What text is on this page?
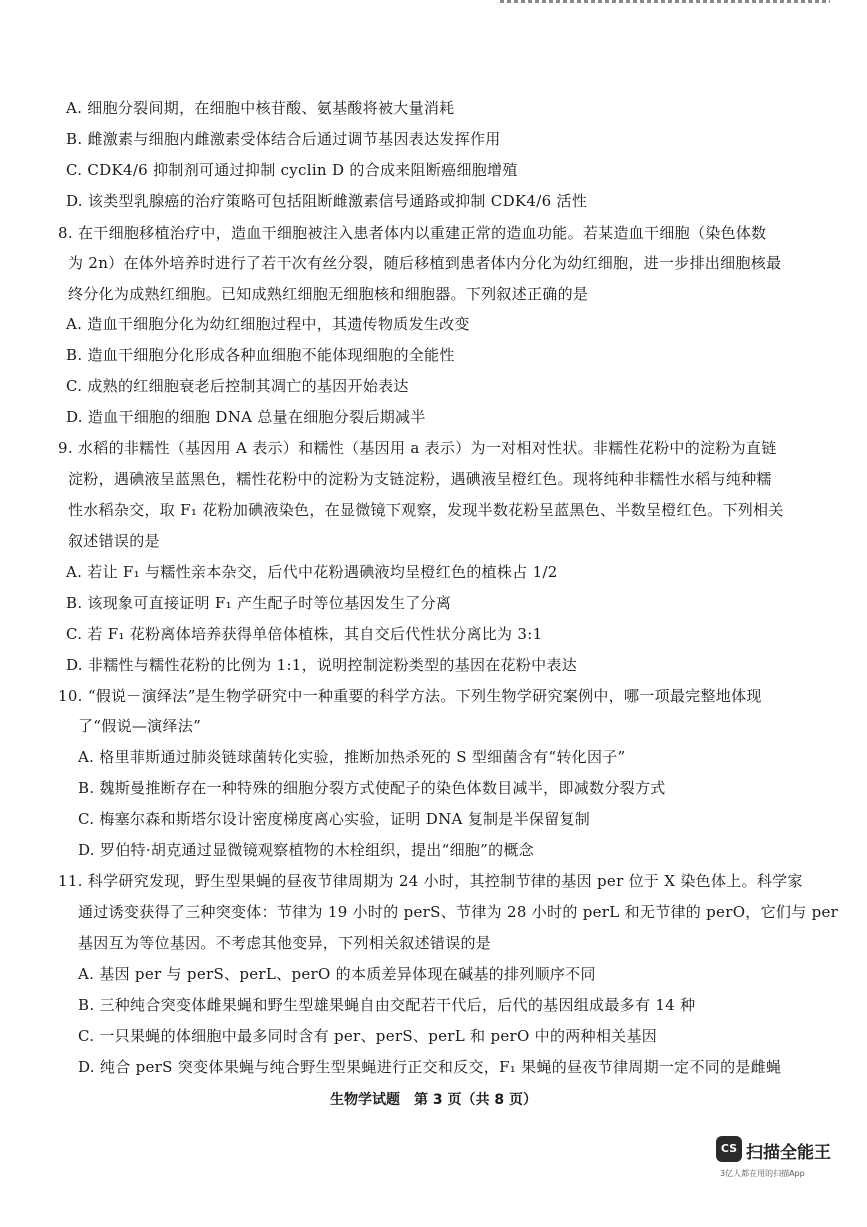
A. 细胞分裂间期，在细胞中核苷酸、氨基酸将被大量消耗
B. 雌激素与细胞内雌激素受体结合后通过调节基因表达发挥作用
C. CDK4/6 抑制剂可通过抑制 cyclin D 的合成来阻断癌细胞增殖
D. 该类型乳腺癌的治疗策略可包括阻断雌激素信号通路或抑制 CDK4/6 活性
8. 在干细胞移植治疗中，造血干细胞被注入患者体内以重建正常的造血功能。若某造血干细胞（染色体数
为 2n）在体外培养时进行了若干次有丝分裂，随后移植到患者体内分化为幼红细胞，进一步排出细胞核最
终分化为成熟红细胞。已知成熟红细胞无细胞核和细胞器。下列叙述正确的是
A. 造血干细胞分化为幼红细胞过程中，其遗传物质发生改变
B. 造血干细胞分化形成各种血细胞不能体现细胞的全能性
C. 成熟的红细胞衰老后控制其凋亡的基因开始表达
D. 造血干细胞的细胞 DNA 总量在细胞分裂后期减半
9. 水稻的非糯性（基因用 A 表示）和糯性（基因用 a 表示）为一对相对性状。非糯性花粉中的淀粉为直链
淀粉，遇碘液呈蓝黑色，糯性花粉中的淀粉为支链淀粉，遇碘液呈橙红色。现将纯种非糯性水稻与纯种糯
性水稻杂交，取 F₁ 花粉加碘液染色，在显微镜下观察，发现半数花粉呈蓝黑色、半数呈橙红色。下列相关
叙述错误的是
A. 若让 F₁ 与糯性亲本杂交，后代中花粉遇碘液均呈橙红色的植株占 1/2
B. 该现象可直接证明 F₁ 产生配子时等位基因发生了分离
C. 若 F₁ 花粉离体培养获得单倍体植株，其自交后代性状分离比为 3:1
D. 非糯性与糯性花粉的比例为 1:1，说明控制淀粉类型的基因在花粉中表达
10. “假说－演绎法”是生物学研究中一种重要的科学方法。下列生物学研究案例中，哪一项最完整地体现
了“假说—演绎法”
A. 格里菲斯通过肺炎链球菌转化实验，推断加热杀死的 S 型细菌含有“转化因子”
B. 魏斯曼推断存在一种特殊的细胞分裂方式使配子的染色体数目减半，即减数分裂方式
C. 梅塞尔森和斯塔尔设计密度梯度离心实验，证明 DNA 复制是半保留复制
D. 罗伯特·胡克通过显微镜观察植物的木栓组织，提出“细胞”的概念
11. 科学研究发现，野生型果蝇的昼夜节律周期为 24 小时，其控制节律的基因 per 位于 X 染色体上。科学家
通过诱变获得了三种突变体：节律为 19 小时的 perS、节律为 28 小时的 perL 和无节律的 perO，它们与 per
基因互为等位基因。不考虑其他变异，下列相关叙述错误的是
A. 基因 per 与 perS、perL、perO 的本质差异体现在碱基的排列顺序不同
B. 三种纯合突变体雌果蝇和野生型雄果蝇自由交配若干代后，后代的基因组成最多有 14 种
C. 一只果蝇的体细胞中最多同时含有 per、perS、perL 和 perO 中的两种相关基因
D. 纯合 perS 突变体果蝇与纯合野生型果蝇进行正交和反交，F₁ 果蝇的昼夜节律周期一定不同的是雌蝇
生物学试题　第 3 页（共 8 页）
CS 扫描全能王
3亿人都在用的扫描App
